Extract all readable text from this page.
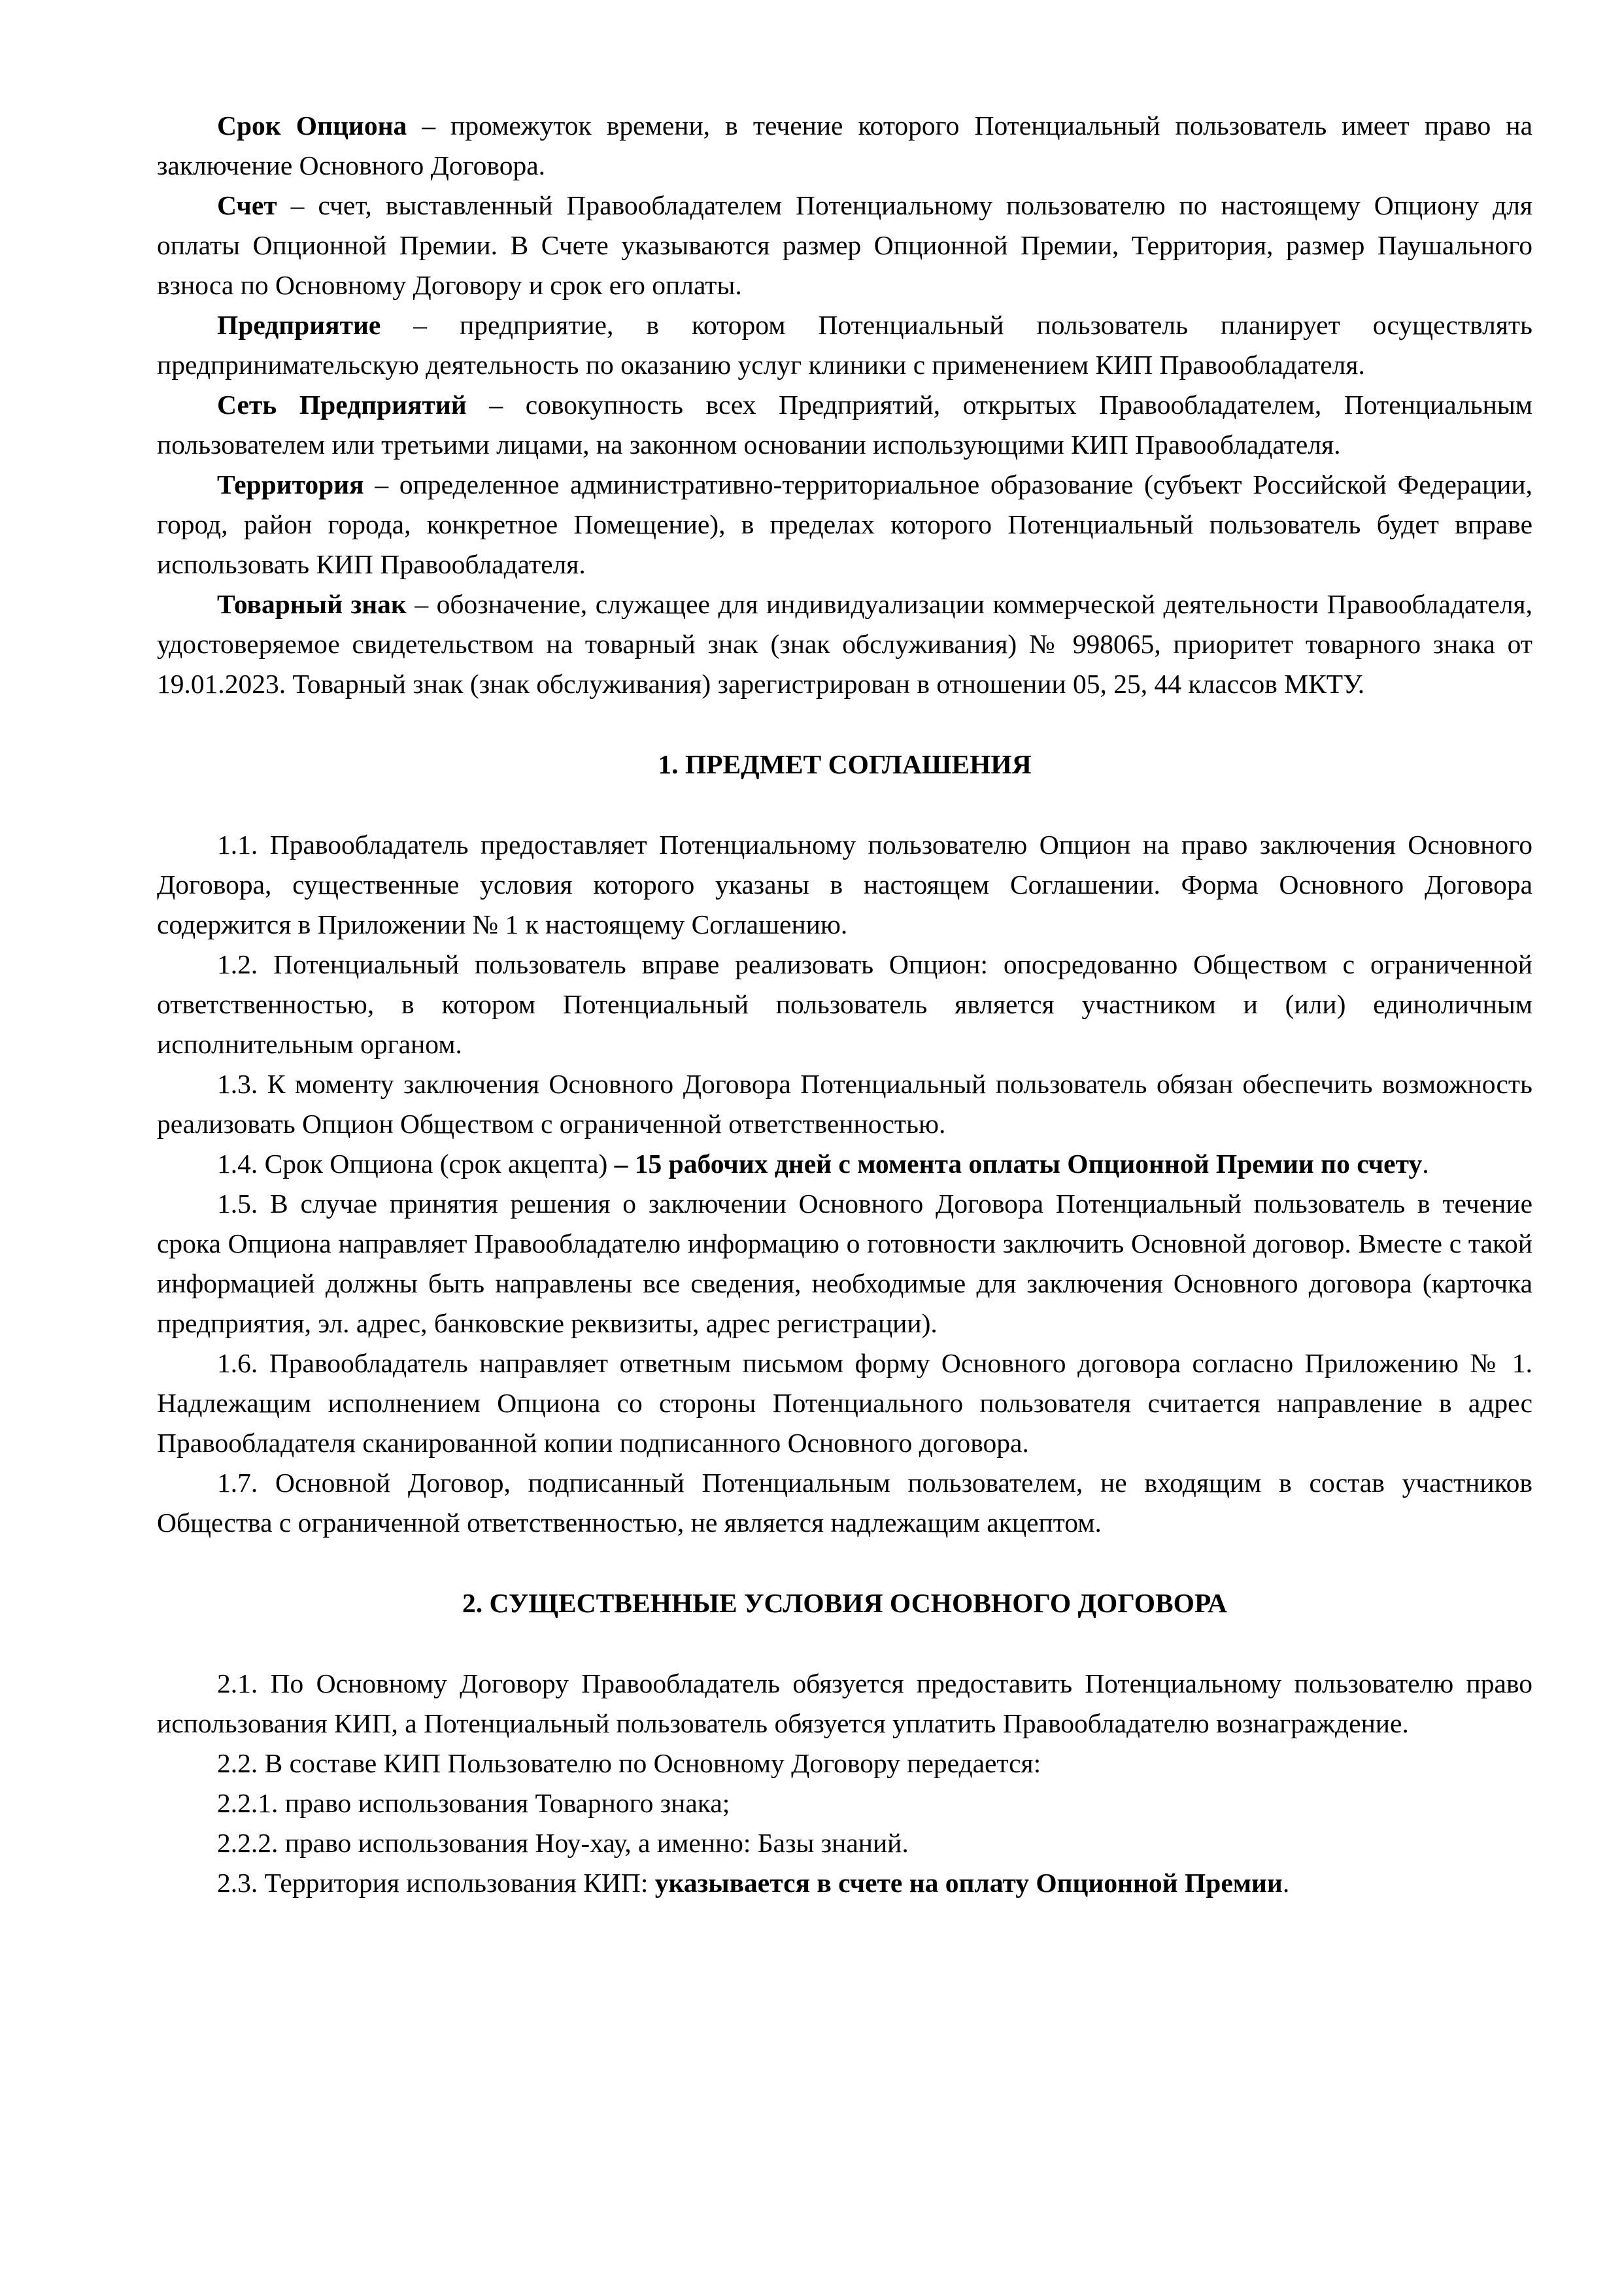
Срок Опциона – промежуток времени, в течение которого Потенциальный пользователь имеет право на заключение Основного Договора.

Счет – счет, выставленный Правообладателем Потенциальному пользователю по настоящему Опциону для оплаты Опционной Премии. В Счете указываются размер Опционной Премии, Территория, размер Паушального взноса по Основному Договору и срок его оплаты.

Предприятие – предприятие, в котором Потенциальный пользователь планирует осуществлять предпринимательскую деятельность по оказанию услуг клиники с применением КИП Правообладателя.

Сеть Предприятий – совокупность всех Предприятий, открытых Правообладателем, Потенциальным пользователем или третьими лицами, на законном основании использующими КИП Правообладателя.

Территория – определенное административно-территориальное образование (субъект Российской Федерации, город, район города, конкретное Помещение), в пределах которого Потенциальный пользователь будет вправе использовать КИП Правообладателя.

Товарный знак – обозначение, служащее для индивидуализации коммерческой деятельности Правообладателя, удостоверяемое свидетельством на товарный знак (знак обслуживания) № 998065, приоритет товарного знака от 19.01.2023. Товарный знак (знак обслуживания) зарегистрирован в отношении 05, 25, 44 классов МКТУ.

1. ПРЕДМЕТ СОГЛАШЕНИЯ

1.1. Правообладатель предоставляет Потенциальному пользователю Опцион на право заключения Основного Договора, существенные условия которого указаны в настоящем Соглашении. Форма Основного Договора содержится в Приложении № 1 к настоящему Соглашению.

1.2. Потенциальный пользователь вправе реализовать Опцион: опосредованно Обществом с ограниченной ответственностью, в котором Потенциальный пользователь является участником и (или) единоличным исполнительным органом.

1.3. К моменту заключения Основного Договора Потенциальный пользователь обязан обеспечить возможность реализовать Опцион Обществом с ограниченной ответственностью.

1.4. Срок Опциона (срок акцепта) – 15 рабочих дней с момента оплаты Опционной Премии по счету.

1.5. В случае принятия решения о заключении Основного Договора Потенциальный пользователь в течение срока Опциона направляет Правообладателю информацию о готовности заключить Основной договор. Вместе с такой информацией должны быть направлены все сведения, необходимые для заключения Основного договора (карточка предприятия, эл. адрес, банковские реквизиты, адрес регистрации).

1.6. Правообладатель направляет ответным письмом форму Основного договора согласно Приложению № 1. Надлежащим исполнением Опциона со стороны Потенциального пользователя считается направление в адрес Правообладателя сканированной копии подписанного Основного договора.

1.7. Основной Договор, подписанный Потенциальным пользователем, не входящим в состав участников Общества с ограниченной ответственностью, не является надлежащим акцептом.

2. СУЩЕСТВЕННЫЕ УСЛОВИЯ ОСНОВНОГО ДОГОВОРА

2.1. По Основному Договору Правообладатель обязуется предоставить Потенциальному пользователю право использования КИП, а Потенциальный пользователь обязуется уплатить Правообладателю вознаграждение.

2.2. В составе КИП Пользователю по Основному Договору передается:

2.2.1. право использования Товарного знака;

2.2.2. право использования Ноу-хау, а именно: Базы знаний.

2.3. Территория использования КИП: указывается в счете на оплату Опционной Премии.
